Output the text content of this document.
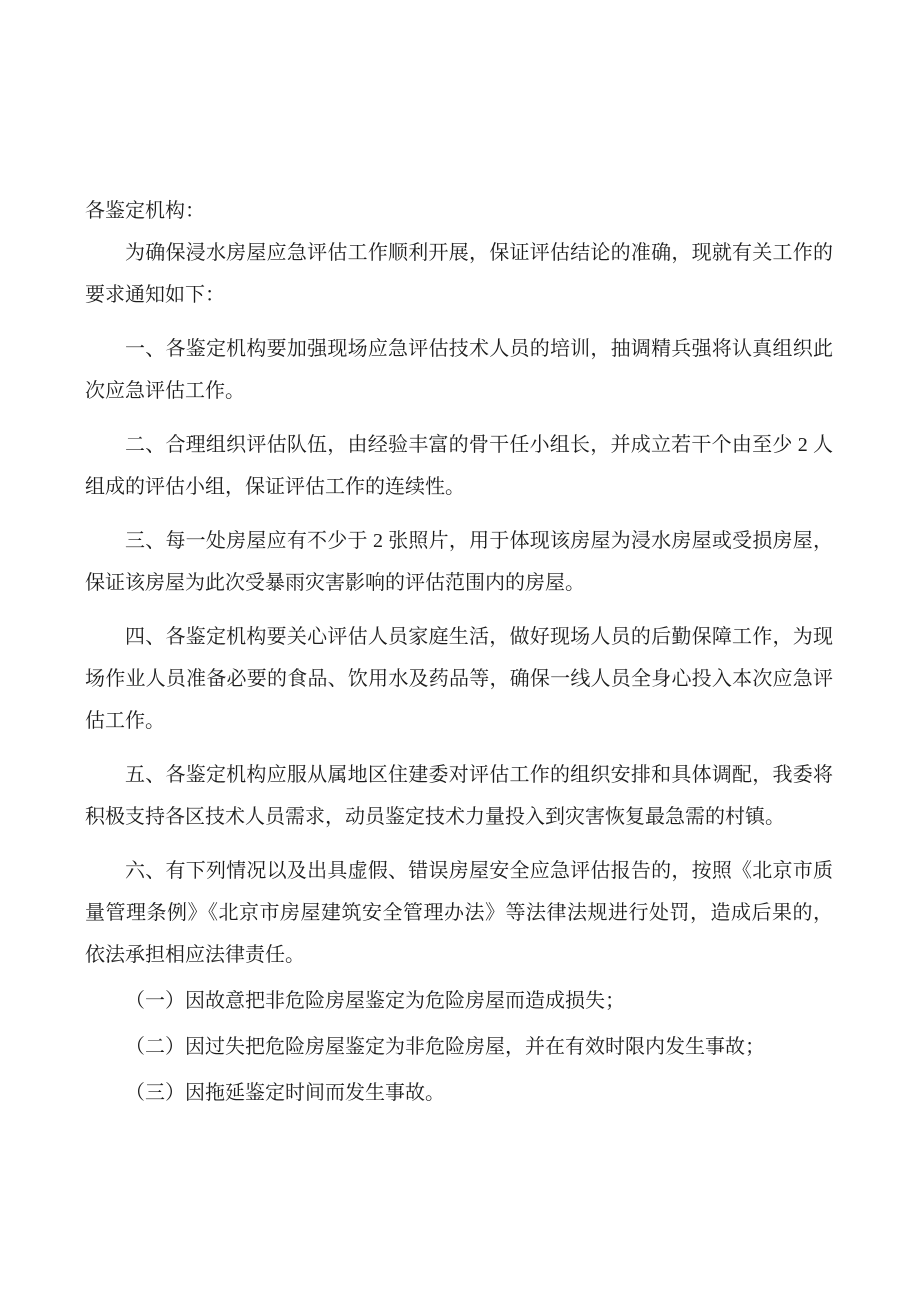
各鉴定机构：

为确保浸水房屋应急评估工作顺利开展，保证评估结论的准确，现就有关工作的要求通知如下：

一、各鉴定机构要加强现场应急评估技术人员的培训，抽调精兵强将认真组织此次应急评估工作。

二、合理组织评估队伍，由经验丰富的骨干任小组长，并成立若干个由至少 2 人组成的评估小组，保证评估工作的连续性。

三、每一处房屋应有不少于 2 张照片，用于体现该房屋为浸水房屋或受损房屋，保证该房屋为此次受暴雨灾害影响的评估范围内的房屋。

四、各鉴定机构要关心评估人员家庭生活，做好现场人员的后勤保障工作，为现场作业人员准备必要的食品、饮用水及药品等，确保一线人员全身心投入本次应急评估工作。

五、各鉴定机构应服从属地区住建委对评估工作的组织安排和具体调配，我委将积极支持各区技术人员需求，动员鉴定技术力量投入到灾害恢复最急需的村镇。

六、有下列情况以及出具虚假、错误房屋安全应急评估报告的，按照《北京市质量管理条例》《北京市房屋建筑安全管理办法》等法律法规进行处罚，造成后果的，依法承担相应法律责任。

（一）因故意把非危险房屋鉴定为危险房屋而造成损失；

（二）因过失把危险房屋鉴定为非危险房屋，并在有效时限内发生事故；

（三）因拖延鉴定时间而发生事故。
